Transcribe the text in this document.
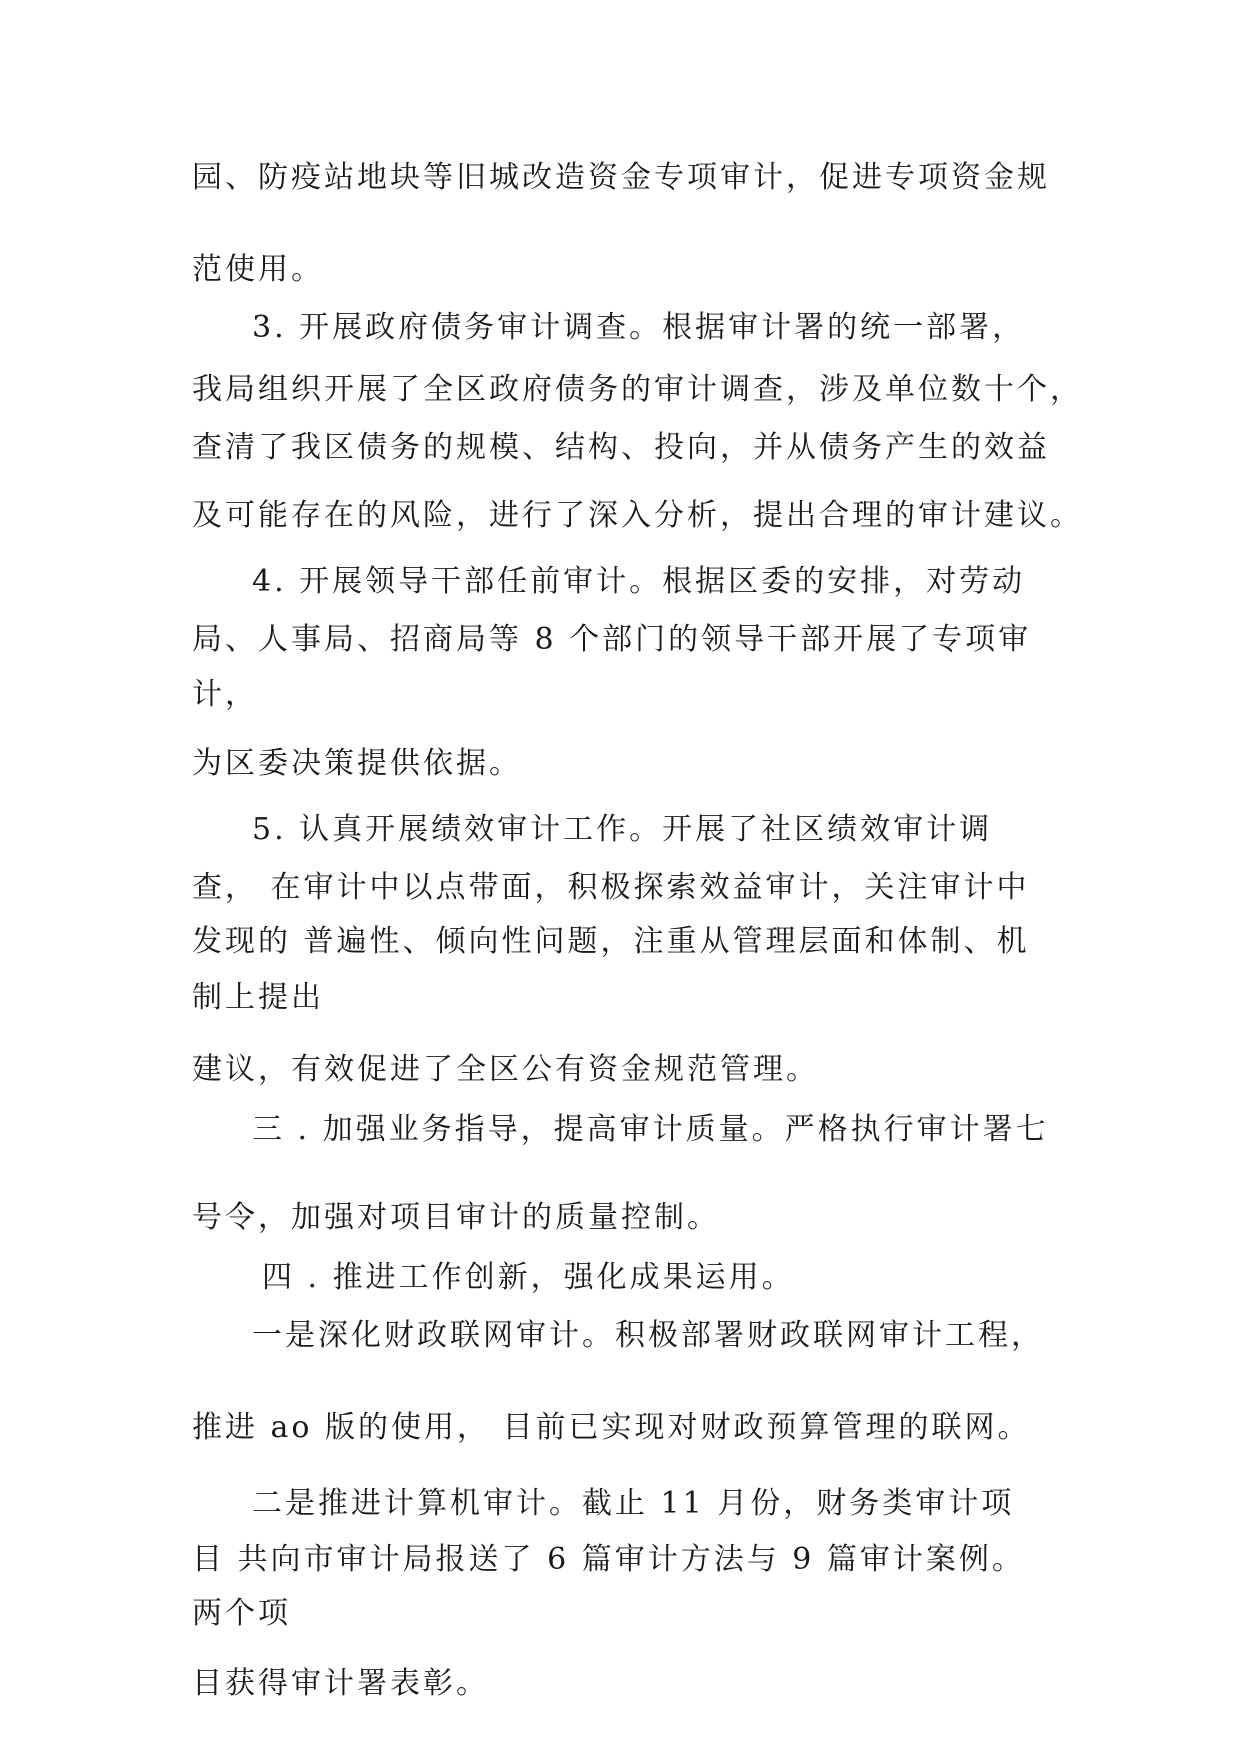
园、防疫站地块等旧城改造资金专项审计，促进专项资金规

范使用。

3. 开展政府债务审计调查。根据审计署的统一部署，

我局组织开展了全区政府债务的审计调查，涉及单位数十个，

查清了我区债务的规模、结构、投向，并从债务产生的效益

及可能存在的风险，进行了深入分析，提出合理的审计建议。

4. 开展领导干部任前审计。根据区委的安排，对劳动

局、人事局、招商局等 8 个部门的领导干部开展了专项审

计，

为区委决策提供依据。

5. 认真开展绩效审计工作。开展了社区绩效审计调

查， 在审计中以点带面，积极探索效益审计，关注审计中

发现的 普遍性、倾向性问题，注重从管理层面和体制、机

制上提出

建议，有效促进了全区公有资金规范管理。

三 . 加强业务指导，提高审计质量。严格执行审计署七

号令，加强对项目审计的质量控制。

四 . 推进工作创新，强化成果运用。

一是深化财政联网审计。积极部署财政联网审计工程，

推进 ao 版的使用， 目前已实现对财政预算管理的联网。

二是推进计算机审计。截止 11 月份，财务类审计项

目 共向市审计局报送了 6 篇审计方法与 9 篇审计案例。

两个项

目获得审计署表彰。
